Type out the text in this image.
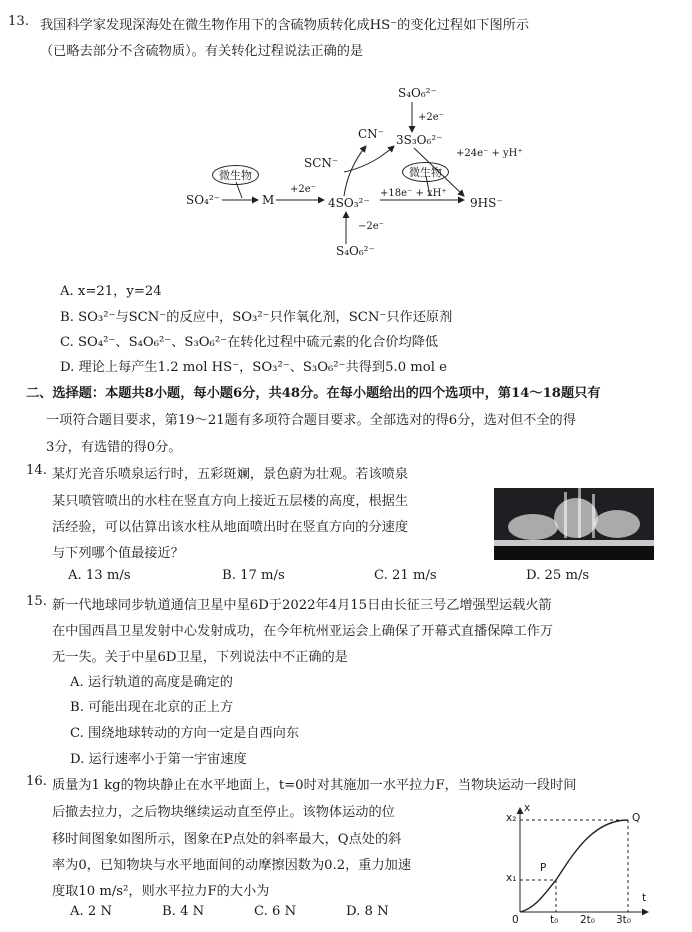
13. 我国科学家发现深海处在微生物作用下的含硫物质转化成HS⁻的变化过程如下图所示
（已略去部分不含硫物质）。有关转化过程说法正确的是
S₄O₆²⁻
+2e⁻
CN⁻ 3S₃O₆²⁻
+24e⁻ + yH⁺
SCN⁻
微生物
微生物
+2e⁻	+18e⁻ + xH⁺
SO₄²⁻	M	4SO₃²⁻	9HS⁻
−2e⁻
S₄O₆²⁻
A. x=21，y=24
B. SO₃²⁻与SCN⁻的反应中，SO₃²⁻只作氧化剂，SCN⁻只作还原剂
C. SO₄²⁻、S₄O₆²⁻、S₃O₆²⁻在转化过程中硫元素的化合价均降低
D. 理论上每产生1.2 mol HS⁻，SO₃²⁻、S₃O₆²⁻共得到5.0 mol e
二、选择题：本题共8小题，每小题6分，共48分。在每小题给出的四个选项中，第14～18题只有
一项符合题目要求，第19～21题有多项符合题目要求。全部选对的得6分，选对但不全的得
3分，有选错的得0分。
14. 某灯光音乐喷泉运行时，五彩斑斓，景色蔚为壮观。若该喷泉
某只喷管喷出的水柱在竖直方向上接近五层楼的高度，根据生
活经验，可以估算出该水柱从地面喷出时在竖直方向的分速度
与下列哪个值最接近？
A. 13 m/s	B. 17 m/s	C. 21 m/s	D. 25 m/s
15. 新一代地球同步轨道通信卫星中星6D于2022年4月15日由长征三号乙增强型运载火箭
在中国西昌卫星发射中心发射成功，在今年杭州亚运会上确保了开幕式直播保障工作万
无一失。关于中星6D卫星，下列说法中不正确的是
A. 运行轨道的高度是确定的
B. 可能出现在北京的正上方
C. 围绕地球转动的方向一定是自西向东
D. 运行速率小于第一宇宙速度
16. 质量为1 kg的物块静止在水平地面上，t=0时对其施加一水平拉力F，当物块运动一段时间
后撤去拉力，之后物块继续运动直至停止。该物体运动的位
移时间图象如图所示，图象在P点处的斜率最大，Q点处的斜
率为0，已知物块与水平地面间的动摩擦因数为0.2，重力加速
度取10 m/s²，则水平拉力F的大小为
A. 2 N	B. 4 N	C. 6 N	D. 8 N
x
t
x₂
x₁
P
Q
0	t₀ 2t₀ 3t₀
